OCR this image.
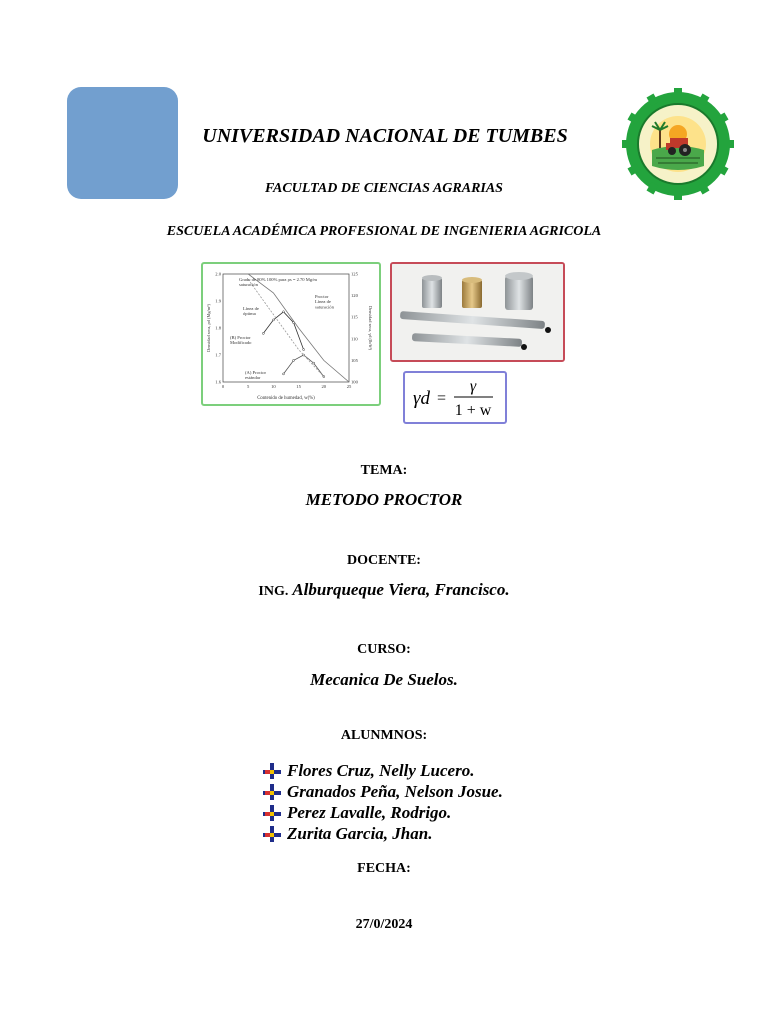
UNIVERSIDAD NACIONAL DE TUMBES
FACULTAD DE CIENCIAS AGRARIAS
ESCUELA ACADÉMICA PROFESIONAL DE INGENIERIA AGRICOLA
0	5	10	15	20	25
1.6
1.7
1.8
1.9
2.0
100
105
110
115
120
125
Grado de 80% 100% para ρs = 2.70 Mg/m
saturación
Línea de óptima
Proctor Línea de saturación
(B) Proctor Modificado
(A) Proctor estándar
Contenido de humedad, w(%)
Densidad seca, ρd (Mg/m³)	Densidad seca, γd (lb/ft³)
γd =
γ
1 + w
TEMA:
METODO PROCTOR
DOCENTE:
ING. Alburqueque Viera, Francisco.
CURSO:
Mecanica De Suelos.
ALUNMNOS:
Flores Cruz, Nelly Lucero.
Granados Peña, Nelson Josue.
Perez Lavalle, Rodrigo.
Zurita Garcia, Jhan.
FECHA:
27/0/2024
